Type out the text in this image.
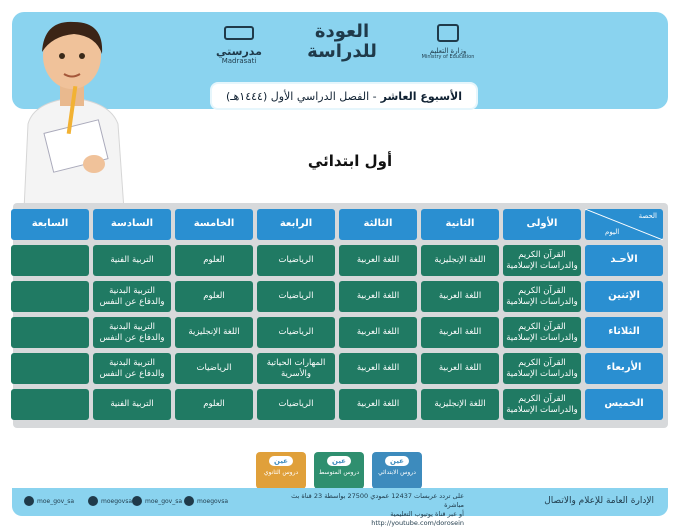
وزارة التعليم
Ministry of Education
العودة للدراسة
مدرستي
Madrasati
الأسبوع العاشر
- الفصل الدراسي الأول (١٤٤٤هـ)
أول ابتدائي
الحصة
اليوم
الأولى
الثانية
الثالثة
الرابعة
الخامسة
السادسة
السابعة
الأحـد
القرآن الكريم والدراسات الإسلامية
اللغة الإنجليزية
اللغة العربية
الرياضيات
العلوم
التربية الفنية
الإثنين
القرآن الكريم والدراسات الإسلامية
اللغة العربية
اللغة العربية
الرياضيات
العلوم
التربية البدنية والدفاع عن النفس
الثلاثاء
القرآن الكريم والدراسات الإسلامية
اللغة العربية
اللغة العربية
الرياضيات
اللغة الإنجليزية
التربية البدنية والدفاع عن النفس
الأربعاء
القرآن الكريم والدراسات الإسلامية
اللغة العربية
اللغة العربية
المهارات الحياتية والأسرية
الرياضيات
التربية البدنية والدفاع عن النفس
الخميس
القرآن الكريم والدراسات الإسلامية
اللغة الإنجليزية
اللغة العربية
الرياضيات
العلوم
التربية الفنية
عين
دروس الابتدائي
عين
دروس المتوسط
عين
دروس الثانوي
moe_gov_sa	moegovsa moe_gov_sa moegovsa
على تردد عربسات 12437 عمودي 27500 بواسطة 23 قناة بث مباشرة
أو عبر قناة يوتيوب التعليمية
http://youtube.com/dorosein
الإدارة العامة للإعلام والاتصال
